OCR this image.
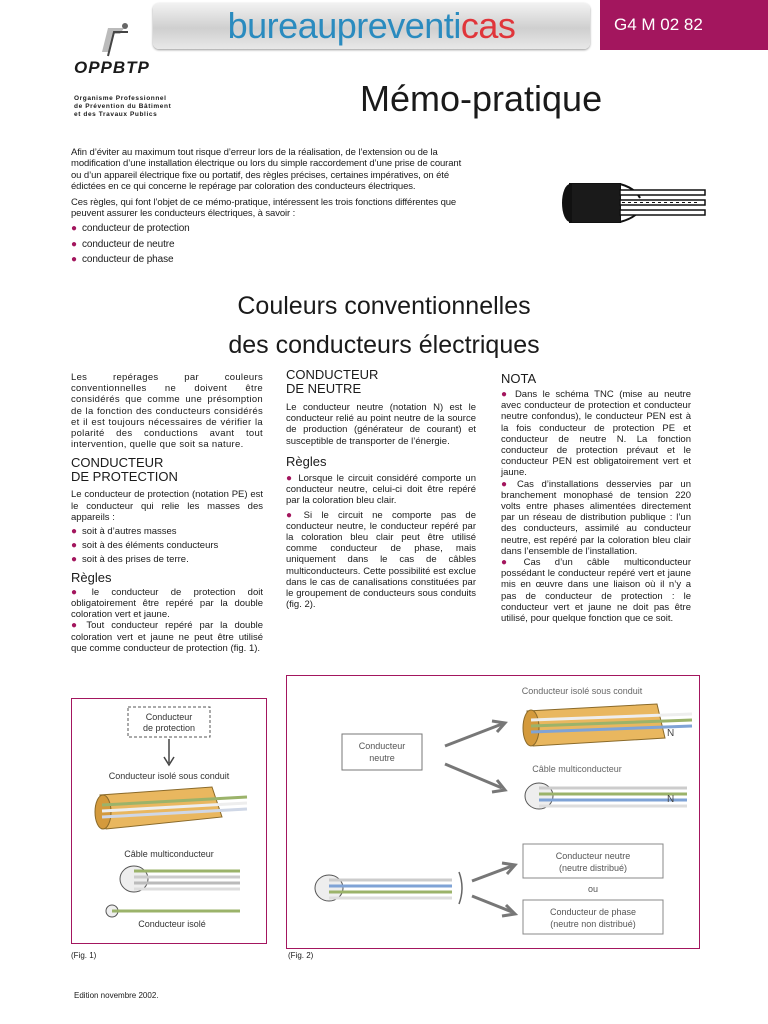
bureaupreventicas	G4 M 02 82
OPPBTP
Organisme Professionnel
de Prévention du Bâtiment
et des Travaux Publics	Mémo-pratique

Afin d’éviter au maximum tout risque d’erreur lors de la réalisation, de l’extension ou de la modification d’une installation électrique ou lors du simple raccordement d’une prise de courant ou d’un appareil électrique fixe ou portatif, des règles précises, certaines impératives, on été édictées en ce qui concerne le repérage par coloration des conducteurs électriques.

Ces règles, qui font l’objet de ce mémo-pratique, intéressent les trois fonctions différentes que peuvent assurer les conducteurs électriques, à savoir :

● conducteur de protection
● conducteur de neutre
● conducteur de phase
Couleurs conventionnelles
des conducteurs électriques

Les repérages par couleurs conventionnelles ne doivent être considérés que comme une présomption de la fonction des conducteurs considérés et il est toujours nécessaires de vérifier la polarité des conductions avant tout intervention, quelle que soit sa nature.

CONDUCTEUR
DE PROTECTION

Le conducteur de protection (notation PE) est le conducteur qui relie les masses des appareils :

● soit à d’autres masses
● soit à des éléments conducteurs
● soit à des prises de terre.
Règles

● le conducteur de protection doit obligatoirement être repéré par la double coloration vert et jaune.

● Tout conducteur repéré par la double coloration vert et jaune ne peut être utilisé que comme conducteur de protection (fig. 1).

CONDUCTEUR
DE NEUTRE

Le conducteur neutre (notation N) est le conducteur relié au point neutre de la source de production (générateur de courant) et susceptible de transporter de l’énergie.

Règles

● Lorsque le circuit considéré comporte un conducteur neutre, celui-ci doit être repéré par la coloration bleu clair.

● Si le circuit ne comporte pas de conducteur neutre, le conducteur repéré par la coloration bleu clair peut être utilisé comme conducteur de phase, mais uniquement dans le cas de câbles multiconducteurs. Cette possibilité est exclue dans le cas de canalisations constituées par le groupement de conducteurs sous conduits (fig. 2).

NOTA

● Dans le schéma TNC (mise au neutre avec conducteur de protection et conducteur neutre confondus), le conducteur PEN est à la fois conducteur de protection PE et conducteur de neutre N. La fonction conducteur de protection prévaut et le conducteur PEN est obligatoirement vert et jaune.

● Cas d’installations desservies par un branchement monophasé de tension 220 volts entre phases alimentées directement par un réseau de distribution publique : l’un des conducteurs, assimilé au conducteur neutre, est repéré par la coloration bleu clair dans l’ensemble de l’installation.

● Cas d’un câble multiconducteur possédant le conducteur repéré vert et jaune mis en œuvre dans une liaison où il n’y a pas de conducteur de protection : le conducteur vert et jaune ne doit pas être utilisé, pour quelque fonction que ce soit.

Conducteur
de protection
Conducteur isolé sous conduit
Câble multiconducteur
Conducteur isolé
(Fig. 1)
Conducteur isolé sous conduit
N
Conducteur
neutre
Câble multiconducteur
N
Conducteur neutre
(neutre distribué)
ou
Conducteur de phase
(neutre non distribué)
(Fig. 2)
Edition novembre 2002.
